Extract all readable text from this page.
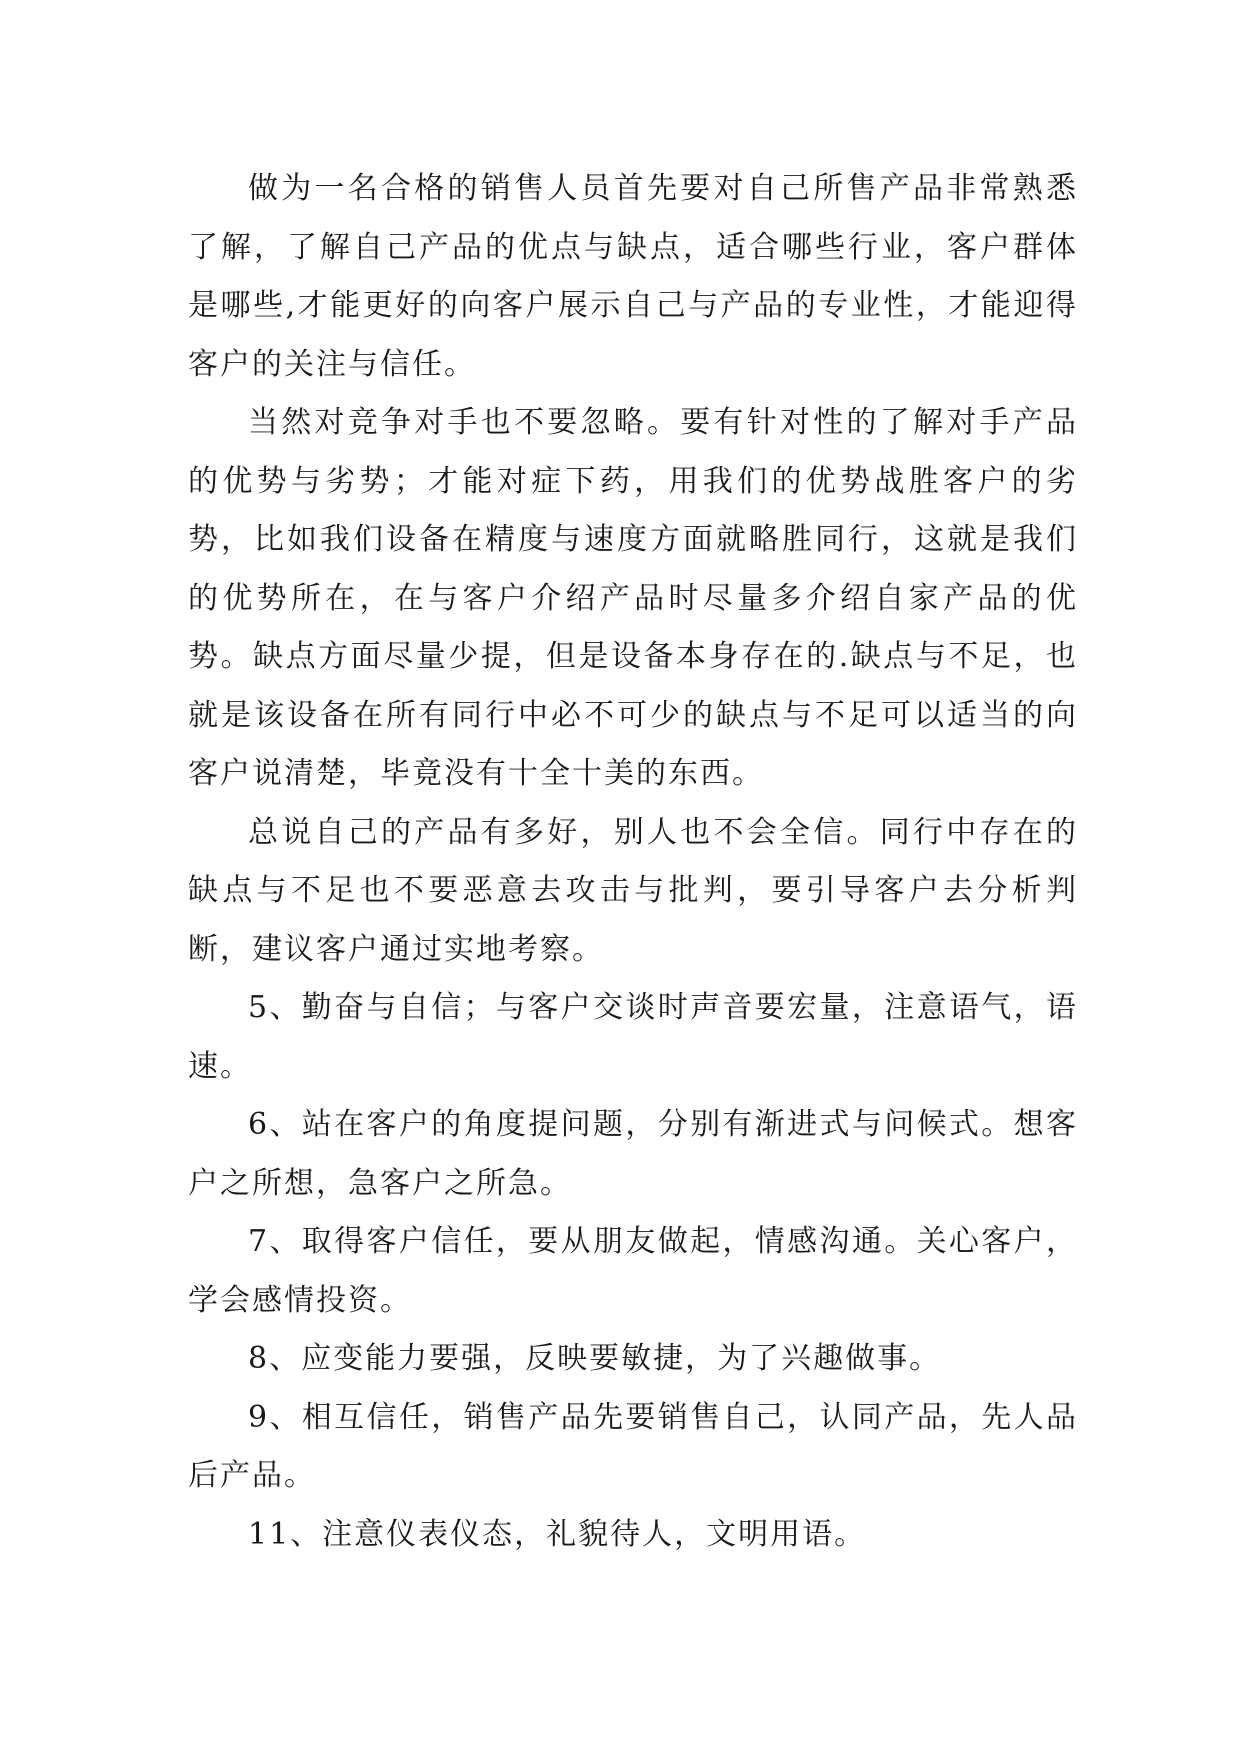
做为一名合格的销售人员首先要对自己所售产品非常熟悉了解，了解自己产品的优点与缺点，适合哪些行业，客户群体是哪些,才能更好的向客户展示自己与产品的专业性，才能迎得客户的关注与信任。

当然对竞争对手也不要忽略。要有针对性的了解对手产品的优势与劣势；才能对症下药，用我们的优势战胜客户的劣势，比如我们设备在精度与速度方面就略胜同行，这就是我们的优势所在，在与客户介绍产品时尽量多介绍自家产品的优势。缺点方面尽量少提，但是设备本身存在的.缺点与不足，也就是该设备在所有同行中必不可少的缺点与不足可以适当的向客户说清楚，毕竟没有十全十美的东西。

总说自己的产品有多好，别人也不会全信。同行中存在的缺点与不足也不要恶意去攻击与批判，要引导客户去分析判断，建议客户通过实地考察。

5、勤奋与自信；与客户交谈时声音要宏量，注意语气，语速。

6、站在客户的角度提问题，分别有渐进式与问候式。想客户之所想，急客户之所急。

7、取得客户信任，要从朋友做起，情感沟通。关心客户，学会感情投资。

8、应变能力要强，反映要敏捷，为了兴趣做事。

9、相互信任，销售产品先要销售自己，认同产品，先人品后产品。

11、注意仪表仪态，礼貌待人，文明用语。
